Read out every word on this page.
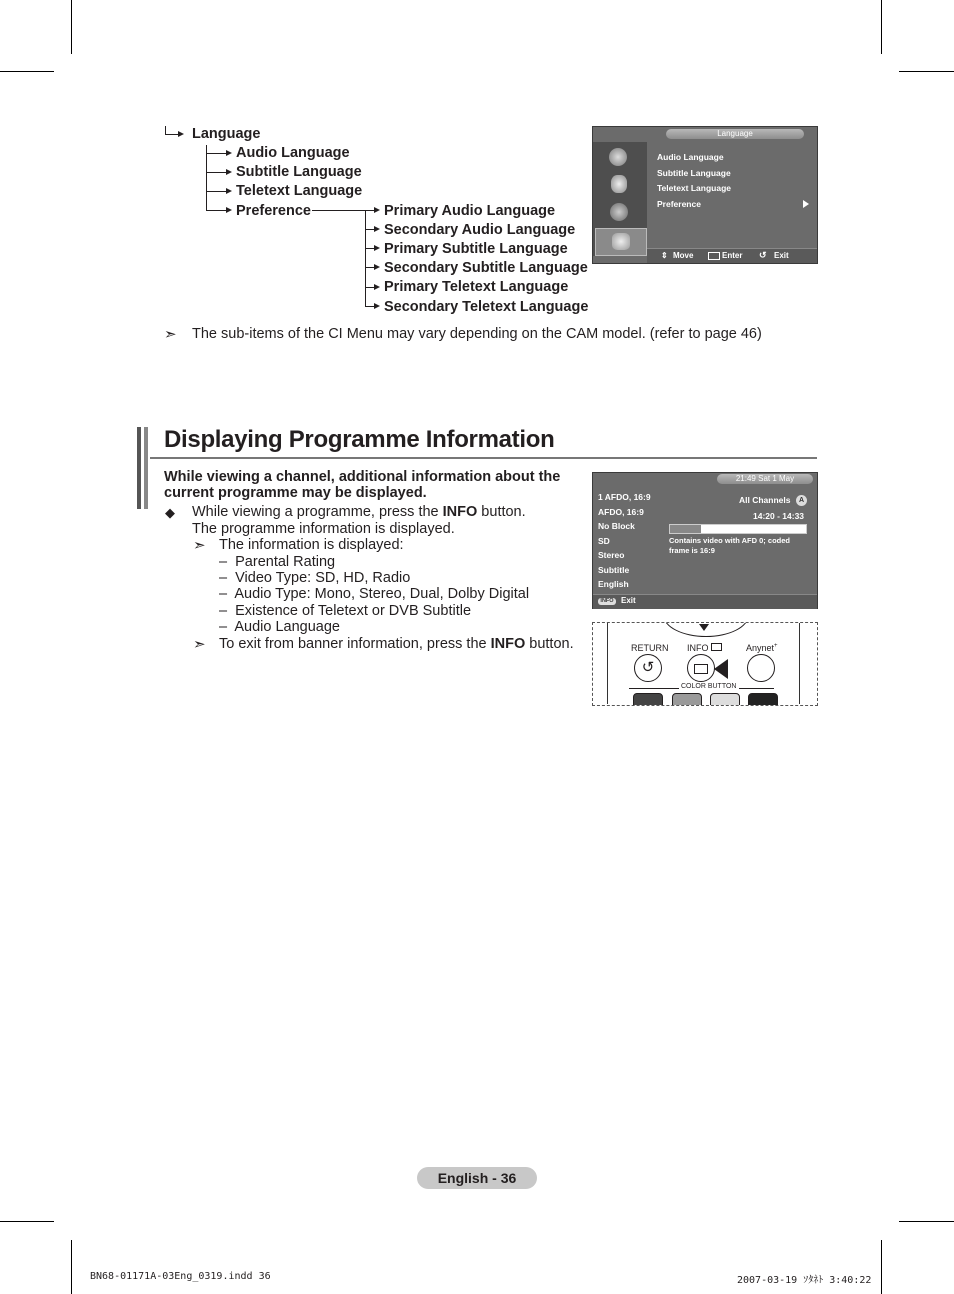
Language
Audio Language
Subtitle Language
Teletext Language
Preference	Primary Audio Language
Secondary Audio Language
Primary Subtitle Language
Secondary Subtitle Language
Primary Teletext Language
Secondary Teletext Language
➣ The sub-items of the CI Menu may vary depending on the CAM model. (refer to page 46)
Language
Audio Language
Subtitle Language
Teletext Language
Preference
⇕ Move	Enter ↺ Exit
Displaying Programme Information
While viewing a channel, additional information about the current programme may be displayed.
◆ While viewing a programme, press the INFO button.
The programme information is displayed.
➣ The information is displayed:
–  Parental Rating
–  Video Type: SD, HD, Radio
–  Audio Type: Mono, Stereo, Dual, Dolby Digital
–  Existence of Teletext or DVB Subtitle
–  Audio Language
➣ To exit from banner information, press the INFO button.
21:49 Sat 1 May
1 AFDO, 16:9
AFDO, 16:9
No Block
SD
Stereo
Subtitle
English
All Channels	A
14:20 - 14:33
Contains video with AFD 0; coded frame is 16:9
INFO Exit
RETURN
↺
INFO	Anynet+
COLOR BUTTON
English - 36
BN68-01171A-03Eng_0319.indd 36	2007-03-19 ｿﾀﾈﾄ 3:40:22
